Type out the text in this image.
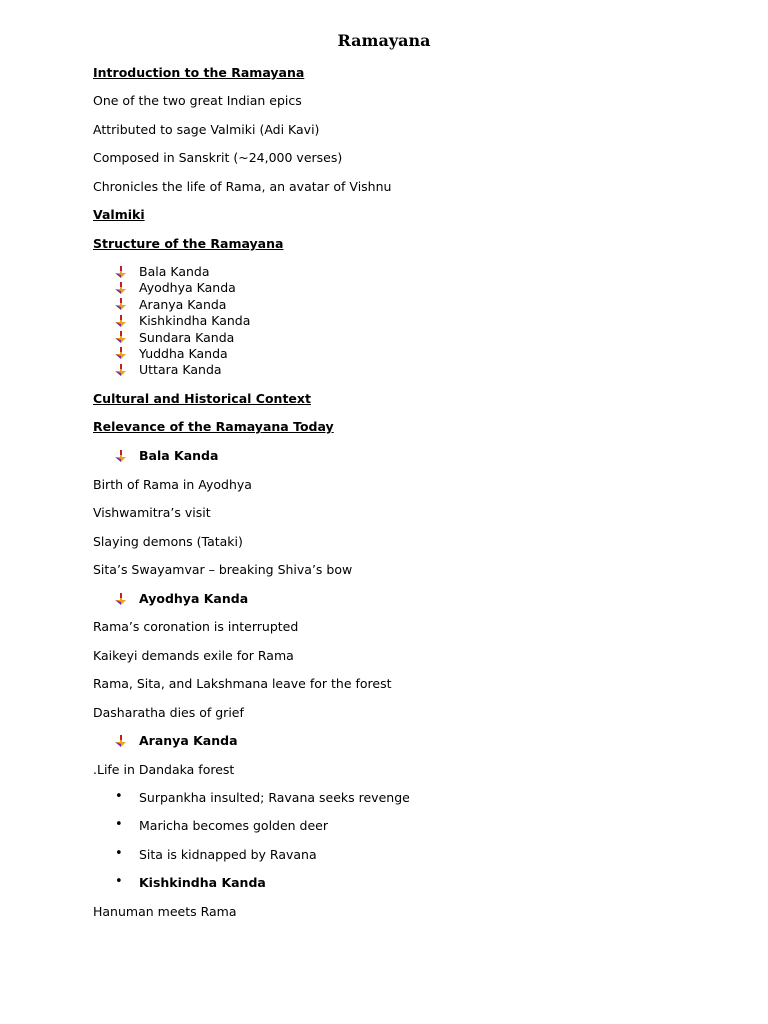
Ramayana
Introduction to the Ramayana
One of the two great Indian epics
Attributed to sage Valmiki (Adi Kavi)
Composed in Sanskrit (~24,000 verses)
Chronicles the life of Rama, an avatar of Vishnu
Valmiki
Structure of the Ramayana
Bala Kanda
Ayodhya Kanda
Aranya Kanda
Kishkindha Kanda
Sundara Kanda
Yuddha Kanda
Uttara Kanda
Cultural and Historical Context
Relevance of the Ramayana Today
Bala Kanda
Birth of Rama in Ayodhya
Vishwamitra’s visit
Slaying demons (Tataki)
Sita’s Swayamvar – breaking Shiva’s bow
Ayodhya Kanda
Rama’s coronation is interrupted
Kaikeyi demands exile for Rama
Rama, Sita, and Lakshmana leave for the forest
Dasharatha dies of grief
Aranya Kanda
.Life in Dandaka forest
• Surpankha insulted; Ravana seeks revenge
• Maricha becomes golden deer
• Sita is kidnapped by Ravana
• Kishkindha Kanda
Hanuman meets Rama
